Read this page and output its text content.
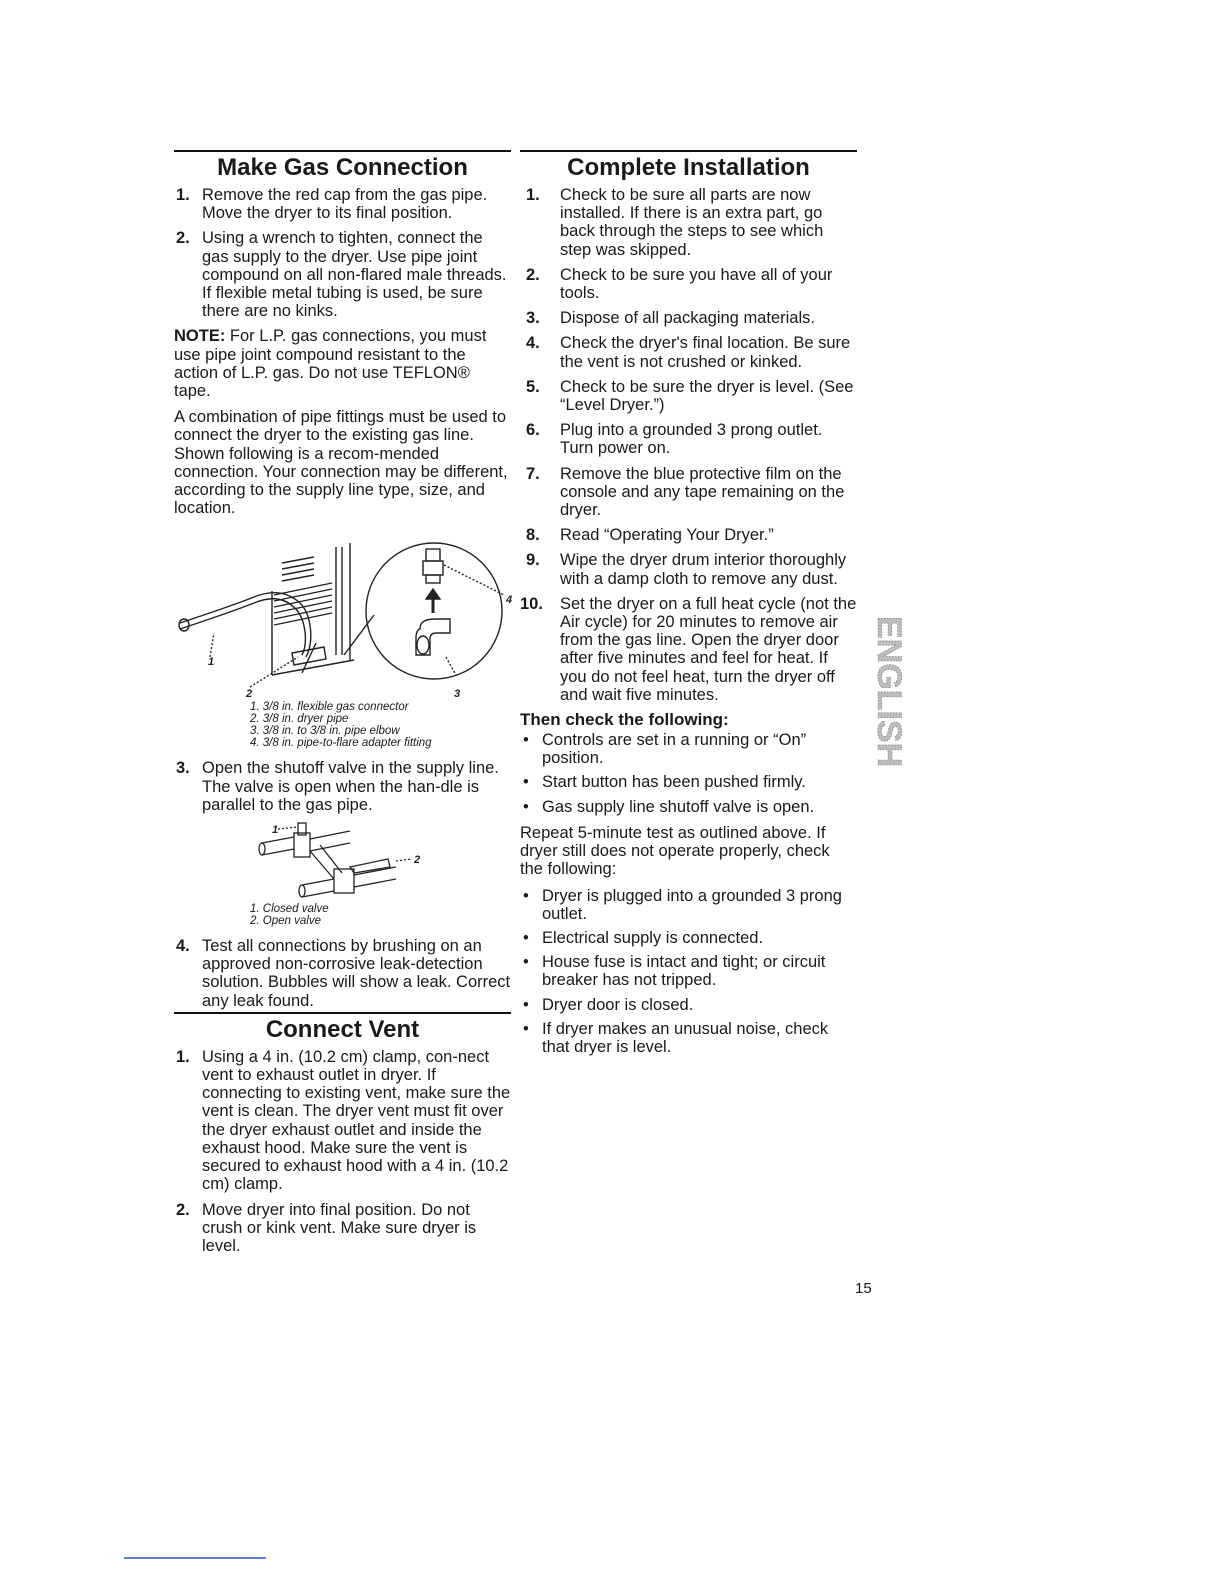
Make Gas Connection
1. Remove the red cap from the gas pipe. Move the dryer to its final position.
2. Using a wrench to tighten, connect the gas supply to the dryer. Use pipe joint compound on all non-flared male threads. If flexible metal tubing is used, be sure there are no kinks.

NOTE: For L.P. gas connections, you must use pipe joint compound resistant to the action of L.P. gas. Do not use TEFLON® tape.

A combination of pipe fittings must be used to connect the dryer to the existing gas line. Shown following is a recom-mended connection. Your connection may be different, according to the supply line type, size, and location.

1
2	3
4
1. 3/8 in. flexible gas connector
2. 3/8 in. dryer pipe
3. 3/8 in. to 3/8 in. pipe elbow
4. 3/8 in. pipe-to-flare adapter fitting
3. Open the shutoff valve in the supply line. The valve is open when the han-dle is parallel to the gas pipe.
1
2
1. Closed valve
2. Open valve
4. Test all connections by brushing on an approved non-corrosive leak-detection solution. Bubbles will show a leak. Correct any leak found.
Connect Vent
1. Using a 4 in. (10.2 cm) clamp, con-nect vent to exhaust outlet in dryer. If connecting to existing vent, make sure the vent is clean. The dryer vent must fit over the dryer exhaust outlet and inside the exhaust hood. Make sure the vent is secured to exhaust hood with a 4 in. (10.2 cm) clamp.
2. Move dryer into final position. Do not crush or kink vent. Make sure dryer is level.
Complete Installation
1. Check to be sure all parts are now installed. If there is an extra part, go back through the steps to see which step was skipped.
2. Check to be sure you have all of your tools.
3. Dispose of all packaging materials.
4. Check the dryer's final location. Be sure the vent is not crushed or kinked.
5. Check to be sure the dryer is level. (See “Level Dryer.”)
6. Plug into a grounded 3 prong outlet. Turn power on.
7. Remove the blue protective film on the console and any tape remaining on the dryer.
8. Read “Operating Your Dryer.”
9. Wipe the dryer drum interior thoroughly with a damp cloth to remove any dust.
10. Set the dryer on a full heat cycle (not the Air cycle) for 20 minutes to remove air from the gas line. Open the dryer door after five minutes and feel for heat. If you do not feel heat, turn the dryer off and wait five minutes.
Then check the following:
• Controls are set in a running or “On” position.
• Start button has been pushed firmly.
• Gas supply line shutoff valve is open.

Repeat 5-minute test as outlined above. If dryer still does not operate properly, check the following:

• Dryer is plugged into a grounded 3 prong outlet.
• Electrical supply is connected.
• House fuse is intact and tight; or circuit breaker has not tripped.
• Dryer door is closed.
• If dryer makes an unusual noise, check that dryer is level.
ENGLISH
15
